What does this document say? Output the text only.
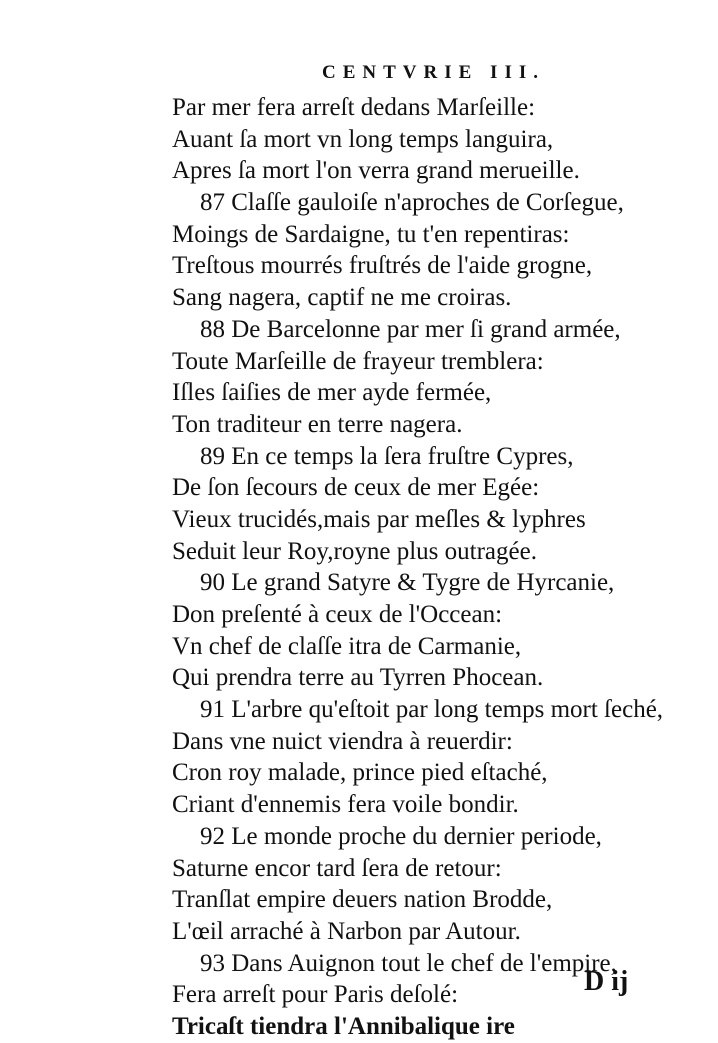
CENTVRIE III.
Par mer fera arreſt dedans Marſeille:
Auant ſa mort vn long temps languira,
Apres ſa mort l'on verra grand merueille.
87 Claſſe gauloiſe n'aproches de Corſegue,
Moings de Sardaigne, tu t'en repentiras:
Treſtous mourrés fruſtrés de l'aide grogne,
Sang nagera, captif ne me croiras.
88 De Barcelonne par mer ſi grand armée,
Toute Marſeille de frayeur tremblera:
Iſles ſaiſies de mer ayde fermée,
Ton traditeur en terre nagera.
89 En ce temps la ſera fruſtre Cypres,
De ſon ſecours de ceux de mer Egée:
Vieux trucidés,mais par meſles & lyphres
Seduit leur Roy,royne plus outragée.
90 Le grand Satyre & Tygre de Hyrcanie,
Don preſenté à ceux de l'Occean:
Vn chef de claſſe itra de Carmanie,
Qui prendra terre au Tyrren Phocean.
91 L'arbre qu'eſtoit par long temps mort ſeché,
Dans vne nuict viendra à reuerdir:
Cron roy malade, prince pied eſtaché,
Criant d'ennemis fera voile bondir.
92 Le monde proche du dernier periode,
Saturne encor tard ſera de retour:
Tranſlat empire deuers nation Brodde,
L'œil arraché à Narbon par Autour.
93 Dans Auignon tout le chef de l'empire,
Fera arreſt pour Paris deſolé:
Tricaſt tiendra l'Annibalique ire
D ij
